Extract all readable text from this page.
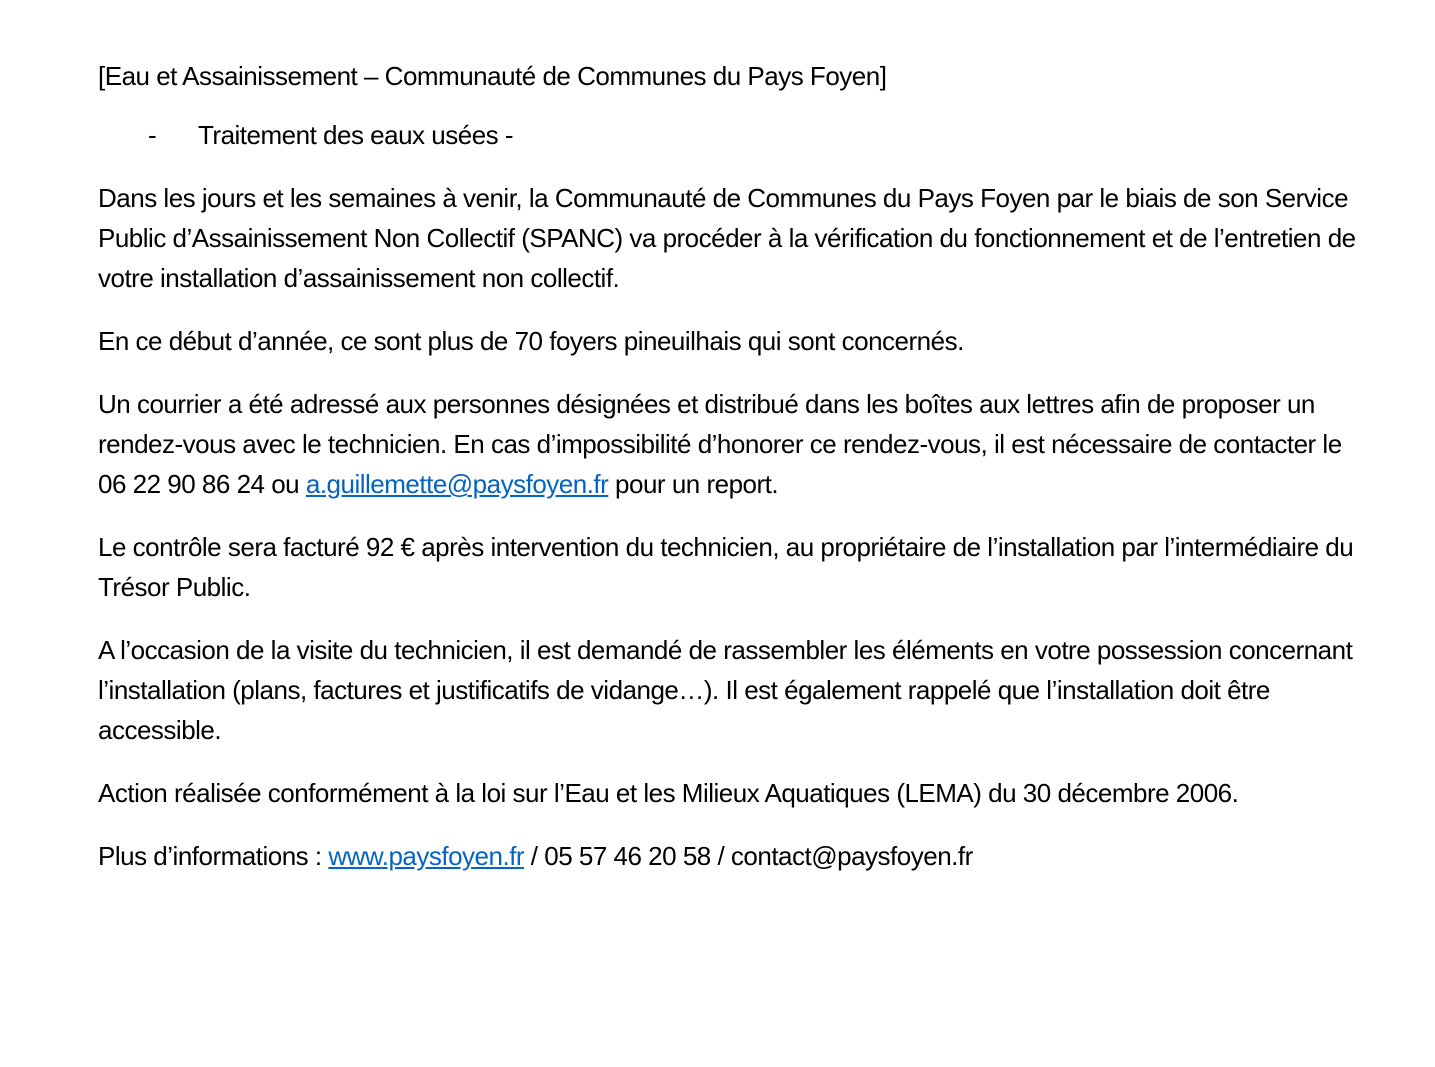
[Eau et Assainissement – Communauté de Communes du Pays Foyen]

-	Traitement des eaux usées -

Dans les jours et les semaines à venir, la Communauté de Communes du Pays Foyen par le biais de son Service Public d’Assainissement Non Collectif (SPANC) va procéder à la vérification du fonctionnement et de l’entretien de votre installation d’assainissement non collectif.

En ce début d’année, ce sont plus de 70 foyers pineuilhais qui sont concernés.

Un courrier a été adressé aux personnes désignées et distribué dans les boîtes aux lettres afin de proposer un rendez-vous avec le technicien. En cas d’impossibilité d’honorer ce rendez-vous, il est nécessaire de contacter le 06 22 90 86 24 ou a.guillemette@paysfoyen.fr pour un report.

Le contrôle sera facturé 92 € après intervention du technicien, au propriétaire de l’installation par l’intermédiaire du Trésor Public.

A l’occasion de la visite du technicien, il est demandé de rassembler les éléments en votre possession concernant l’installation (plans, factures et justificatifs de vidange…). Il est également rappelé que l’installation doit être accessible.

Action réalisée conformément à la loi sur l’Eau et les Milieux Aquatiques (LEMA) du 30 décembre 2006.

Plus d’informations : www.paysfoyen.fr / 05 57 46 20 58 / contact@paysfoyen.fr
